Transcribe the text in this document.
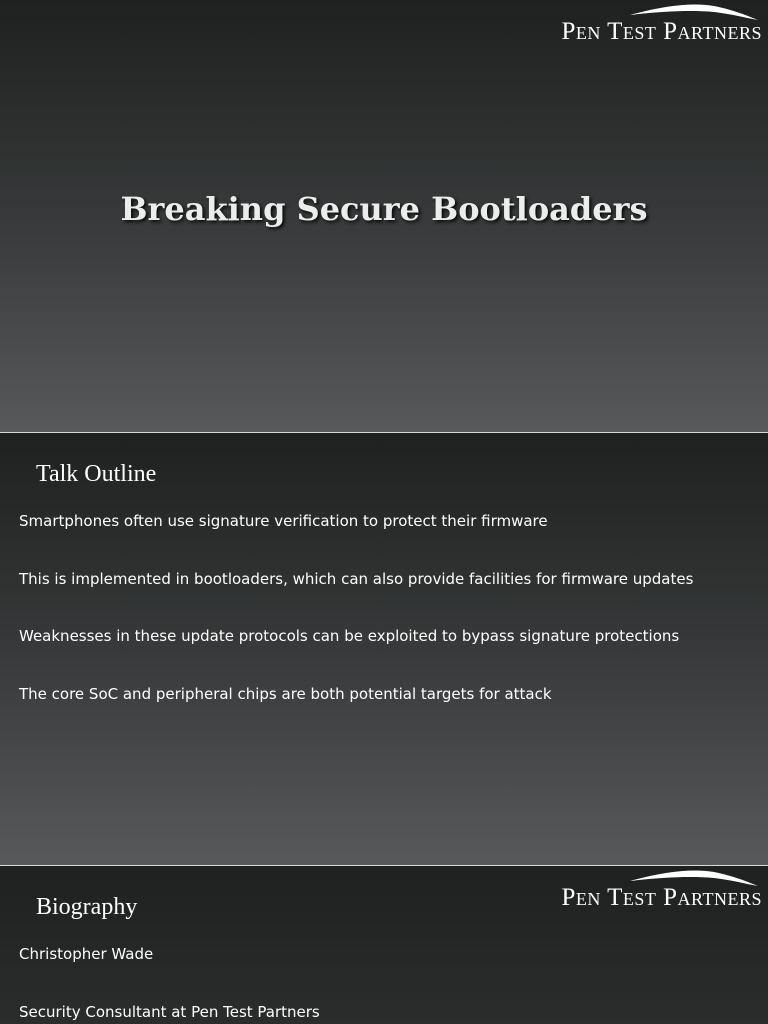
Pen Test Partners
Breaking Secure Bootloaders
Talk Outline
Smartphones often use signature verification to protect their firmware
This is implemented in bootloaders, which can also provide facilities for firmware updates
Weaknesses in these update protocols can be exploited to bypass signature protections
The core SoC and peripheral chips are both potential targets for attack
Pen Test Partners
Biography
Christopher Wade
Security Consultant at Pen Test Partners
